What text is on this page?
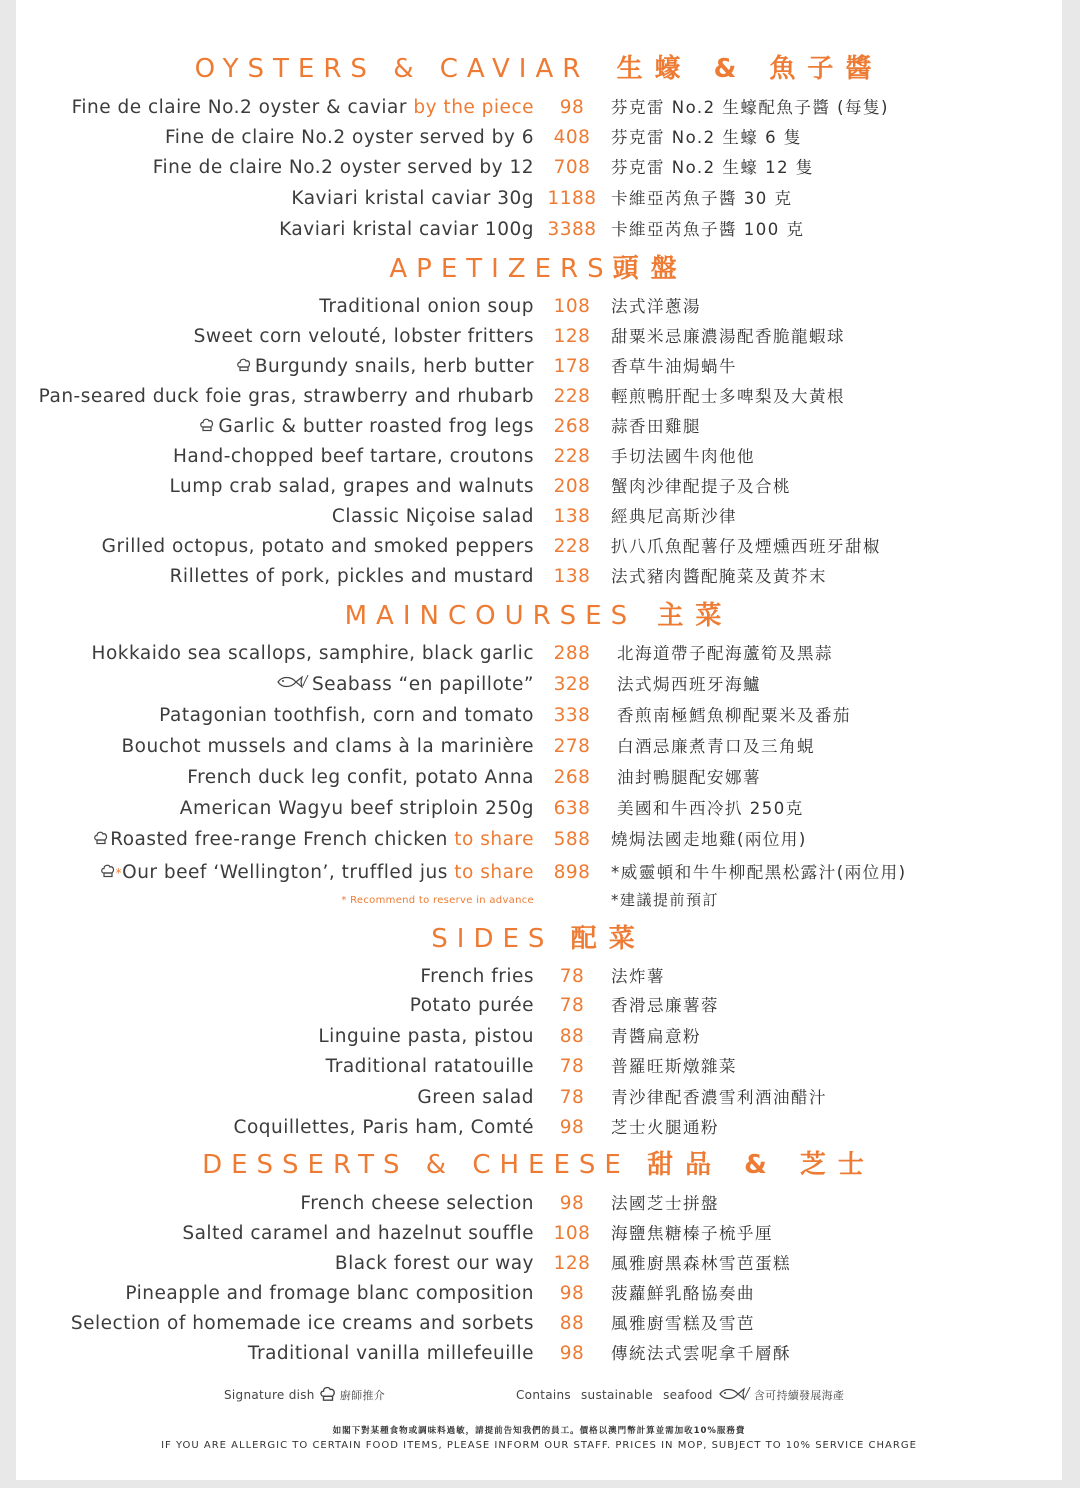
OYSTERS & CAVIAR 生蠔 & 魚子醬
Fine de claire No.2 oyster & caviar by the piece	98	芬克雷 No.2 生蠔配魚子醬 (每隻)
Fine de claire No.2 oyster served by 6	408	芬克雷 No.2 生蠔 6 隻
Fine de claire No.2 oyster served by 12	708	芬克雷 No.2 生蠔 12 隻
Kaviari kristal caviar 30g 1188 卡維亞芮魚子醬 30 克
Kaviari kristal caviar 100g 3388 卡維亞芮魚子醬 100 克
APETIZERS頭盤
Traditional onion soup	108	法式洋蔥湯
Sweet corn velouté, lobster fritters	128	甜粟米忌廉濃湯配香脆龍蝦球
Burgundy snails, herb butter	178	香草牛油焗蝸牛
Pan-seared duck foie gras, strawberry and rhubarb	228	輕煎鴨肝配士多啤梨及大黃根
Garlic & butter roasted frog legs	268	蒜香田雞腿
Hand-chopped beef tartare, croutons	228	手切法國牛肉他他
Lump crab salad, grapes and walnuts	208	蟹肉沙律配提子及合桃
Classic Niçoise salad	138	經典尼高斯沙律
Grilled octopus, potato and smoked peppers	228	扒八爪魚配薯仔及煙燻西班牙甜椒
Rillettes of pork, pickles and mustard	138	法式豬肉醬配腌菜及黃芥末
MAINCOURSES 主菜
Hokkaido sea scallops, samphire, black garlic	288	北海道帶子配海蘆筍及黑蒜
Seabass “en papillote”	328	法式焗西班牙海鱸
Patagonian toothfish, corn and tomato	338	香煎南極鱈魚柳配粟米及番茄
Bouchot mussels and clams à la marinière	278	白酒忌廉煮青口及三角蜆
French duck leg confit, potato Anna	268	油封鴨腿配安娜薯
American Wagyu beef striploin 250g	638	美國和牛西冷扒 250克
Roasted free-range French chicken to share	588	燒焗法國走地雞(兩位用)
*Our beef ‘Wellington’, truffled jus to share	898	*威靈頓和牛牛柳配黑松露汁(兩位用)
* Recommend to reserve in advance	*建議提前預訂
SIDES 配菜
French fries	78	法炸薯
Potato purée	78	香滑忌廉薯蓉
Linguine pasta, pistou	88	青醬扁意粉
Traditional ratatouille	78	普羅旺斯燉雜菜
Green salad	78	青沙律配香濃雪利酒油醋汁
Coquillettes, Paris ham, Comté	98	芝士火腿通粉
DESSERTS & CHEESE 甜品 & 芝士
French cheese selection	98	法國芝士拼盤
Salted caramel and hazelnut souffle	108	海鹽焦糖榛子梳乎厘
Black forest our way	128	風雅廚黑森林雪芭蛋糕
Pineapple and fromage blanc composition	98	菠蘿鮮乳酪協奏曲
Selection of homemade ice creams and sorbets	88	風雅廚雪糕及雪芭
Traditional vanilla millefeuille	98	傳統法式雲呢拿千層酥
Signature dish 廚師推介	Contains sustainable seafood	含可持續發展海產
如閣下對某種食物或調味料過敏，請提前告知我們的員工。價格以澳門幣計算並需加收10%服務費
IF YOU ARE ALLERGIC TO CERTAIN FOOD ITEMS, PLEASE INFORM OUR STAFF. PRICES IN MOP, SUBJECT TO 10% SERVICE CHARGE
